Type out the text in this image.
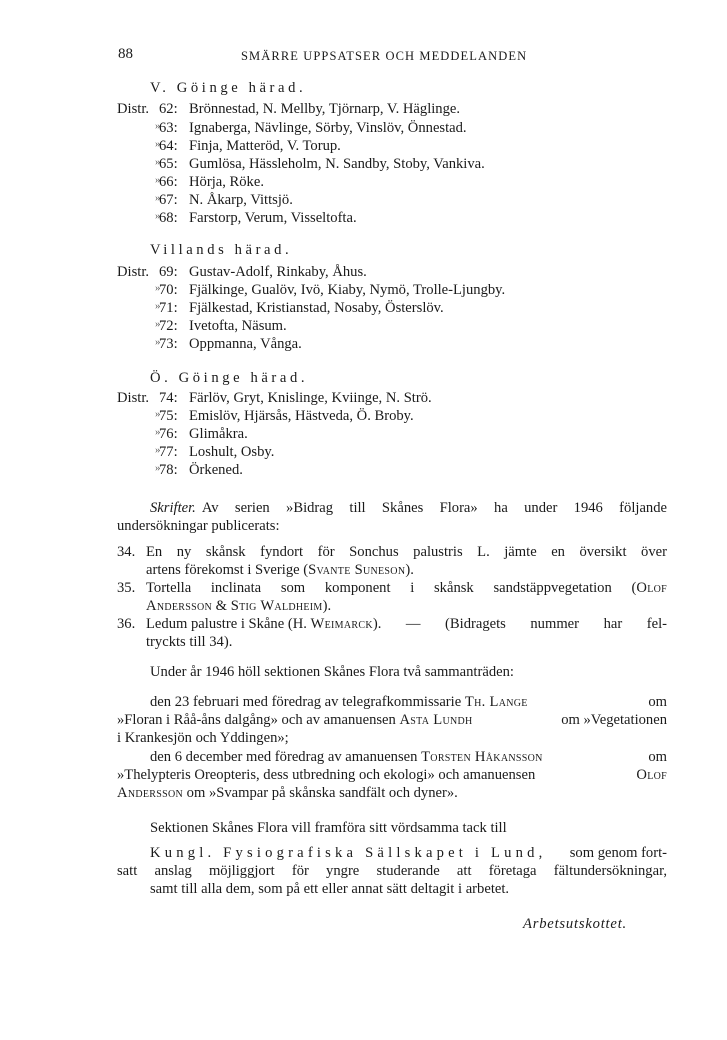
88	SMÄRRE UPPSATSER OCH MEDDELANDEN
V. Göinge härad.
Distr. 62: Brönnestad, N. Mellby, Tjörnarp, V. Häglinge.
»
63: Ignaberga, Nävlinge, Sörby, Vinslöv, Önnestad.
»
64: Finja, Matteröd, V. Torup.
»
65: Gumlösa, Hässleholm, N. Sandby, Stoby, Vankiva.
»
66: Hörja, Röke.
»
67: N. Åkarp, Vittsjö.
»
68: Farstorp, Verum, Visseltofta.
Villands härad.
Distr. 69: Gustav-Adolf, Rinkaby, Åhus.
»
70: Fjälkinge, Gualöv, Ivö, Kiaby, Nymö, Trolle-Ljungby.
»
71: Fjälkestad, Kristianstad, Nosaby, Österslöv.
»
72: Ivetofta, Näsum.
»
73: Oppmanna, Vånga.
Ö. Göinge härad.
Distr. 74: Färlöv, Gryt, Knislinge, Kviinge, N. Strö.
»
75: Emislöv, Hjärsås, Hästveda, Ö. Broby.
»
76: Glimåkra.
»
77: Loshult, Osby.
»
78: Örkened.
Skrifter. Av serien »Bidrag till Skånes Flora» ha under 1946 följande
undersökningar publicerats:
34. En ny skånsk fyndort för Sonchus palustris L. jämte en översikt över
artens förekomst i Sverige (Svante Suneson).
35. Tortella inclinata som komponent i skånsk sandstäppvegetation ( Olof
Andersson & Stig Waldheim).
36. Ledum palustre i Skåne (H. Weimarck ). — (Bidragets nummer har fel-
tryckts till 34).
Under år 1946 höll sektionen Skånes Flora två sammanträden:
den 23 februari med föredrag av telegrafkommissarie Th. Lange	om
»Floran i Råå-åns dalgång» och av amanuensen Asta Lundh	om »Vegetationen
i Krankesjön och Yddingen»;
den 6 december med föredrag av amanuensen Torsten Håkansson	om
»Thelypteris Oreopteris, dess utbredning och ekologi» och amanuensen	Olof
Andersson om »Svampar på skånska sandfält och dyner».
Sektionen Skånes Flora vill framföra sitt vördsamma tack till
Kungl. Fysiografiska Sällskapet i Lund, som genom fort-
satt anslag möjliggjort för yngre studerande att företaga fältundersökningar,
samt till alla dem, som på ett eller annat sätt deltagit i arbetet.
Arbetsutskottet.
